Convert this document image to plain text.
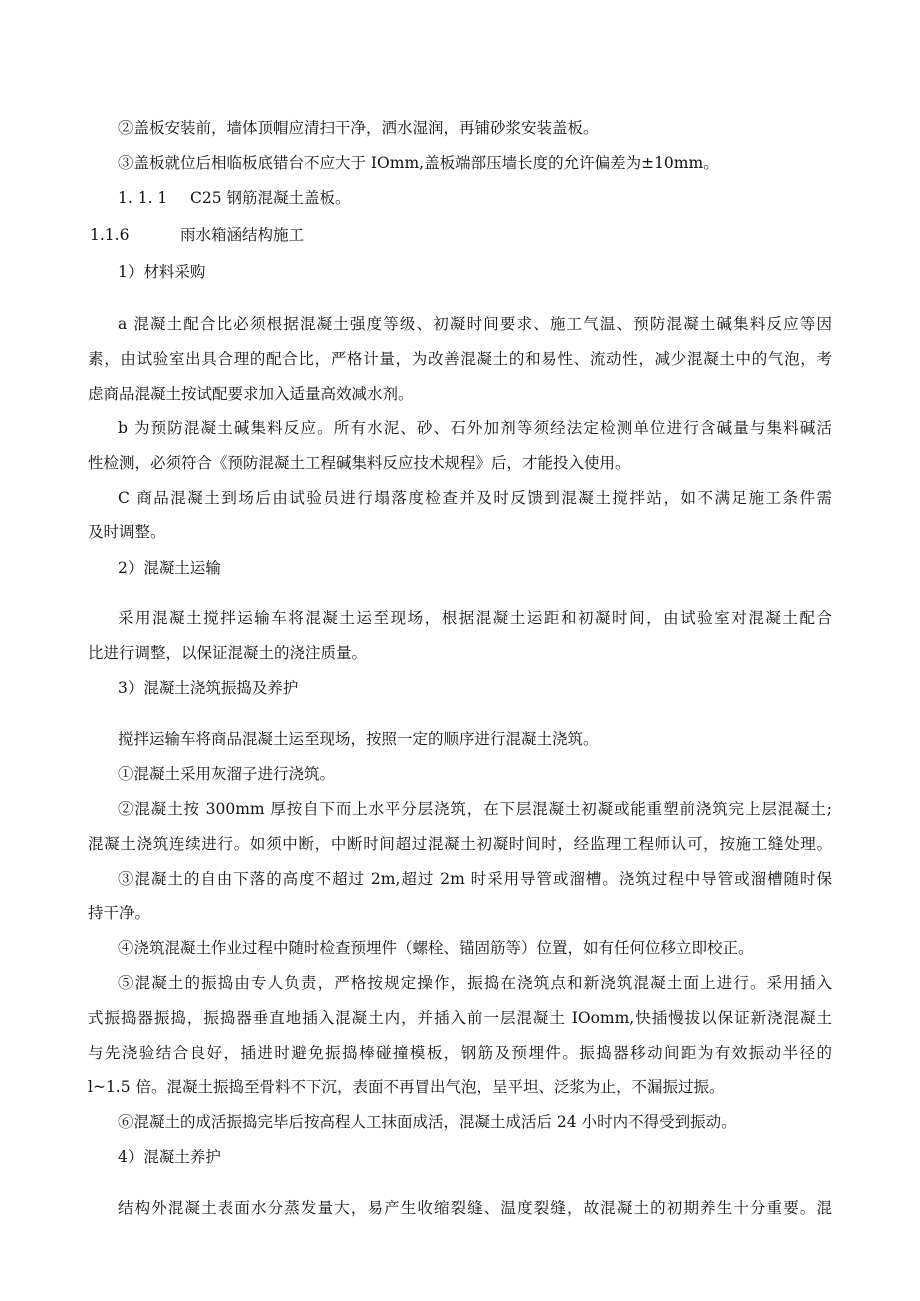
②盖板安装前，墙体顶帽应清扫干净，洒水湿润，再铺砂浆安装盖板。
③盖板就位后相临板底错台不应大于 IOmm,盖板端部压墙长度的允许偏差为±10mm。
1. 1. 1 C25 钢筋混凝土盖板。
1.1.6	雨水箱涵结构施工
1）材料采购
a 混凝土配合比必须根据混凝土强度等级、初凝时间要求、施工气温、预防混凝土碱集料反应等因
素，由试验室出具合理的配合比，严格计量，为改善混凝土的和易性、流动性，减少混凝土中的气泡，考
虑商品混凝土按试配要求加入适量高效减水剂。
b 为预防混凝土碱集料反应。所有水泥、砂、石外加剂等须经法定检测单位进行含碱量与集料碱活
性检测，必须符合《预防混凝土工程碱集料反应技术规程》后，才能投入使用。
C 商品混凝土到场后由试验员进行塌落度检查并及时反馈到混凝土搅拌站，如不满足施工条件需
及时调整。
2）混凝土运输
采用混凝土搅拌运输车将混凝土运至现场，根据混凝土运距和初凝时间，由试验室对混凝土配合
比进行调整，以保证混凝土的浇注质量。
3）混凝土浇筑振捣及养护
搅拌运输车将商品混凝土运至现场，按照一定的顺序进行混凝土浇筑。
①混凝土采用灰溜子进行浇筑。
②混凝土按 300mm 厚按自下而上水平分层浇筑，在下层混凝土初凝或能重塑前浇筑完上层混凝土;
混凝土浇筑连续进行。如须中断，中断时间超过混凝土初凝时间时，经监理工程师认可，按施工缝处理。
③混凝土的自由下落的高度不超过 2m,超过 2m 时采用导管或溜槽。浇筑过程中导管或溜槽随时保
持干净。
④浇筑混凝土作业过程中随时检查预埋件（螺栓、锚固筋等）位置，如有任何位移立即校正。
⑤混凝土的振捣由专人负责，严格按规定操作，振捣在浇筑点和新浇筑混凝土面上进行。采用插入
式振捣器振捣，振捣器垂直地插入混凝土内，并插入前一层混凝土 IOomm,快插慢拔以保证新浇混凝土
与先浇验结合良好，插进时避免振捣棒碰撞模板，钢筋及预埋件。振捣器移动间距为有效振动半径的
l~1.5 倍。混凝土振捣至骨料不下沉，表面不再冒出气泡，呈平坦、泛浆为止，不漏振过振。
⑥混凝土的成活振捣完毕后按高程人工抹面成活，混凝土成活后 24 小时内不得受到振动。
4）混凝土养护
结构外混凝土表面水分蒸发量大，易产生收缩裂缝、温度裂缝，故混凝土的初期养生十分重要。混
